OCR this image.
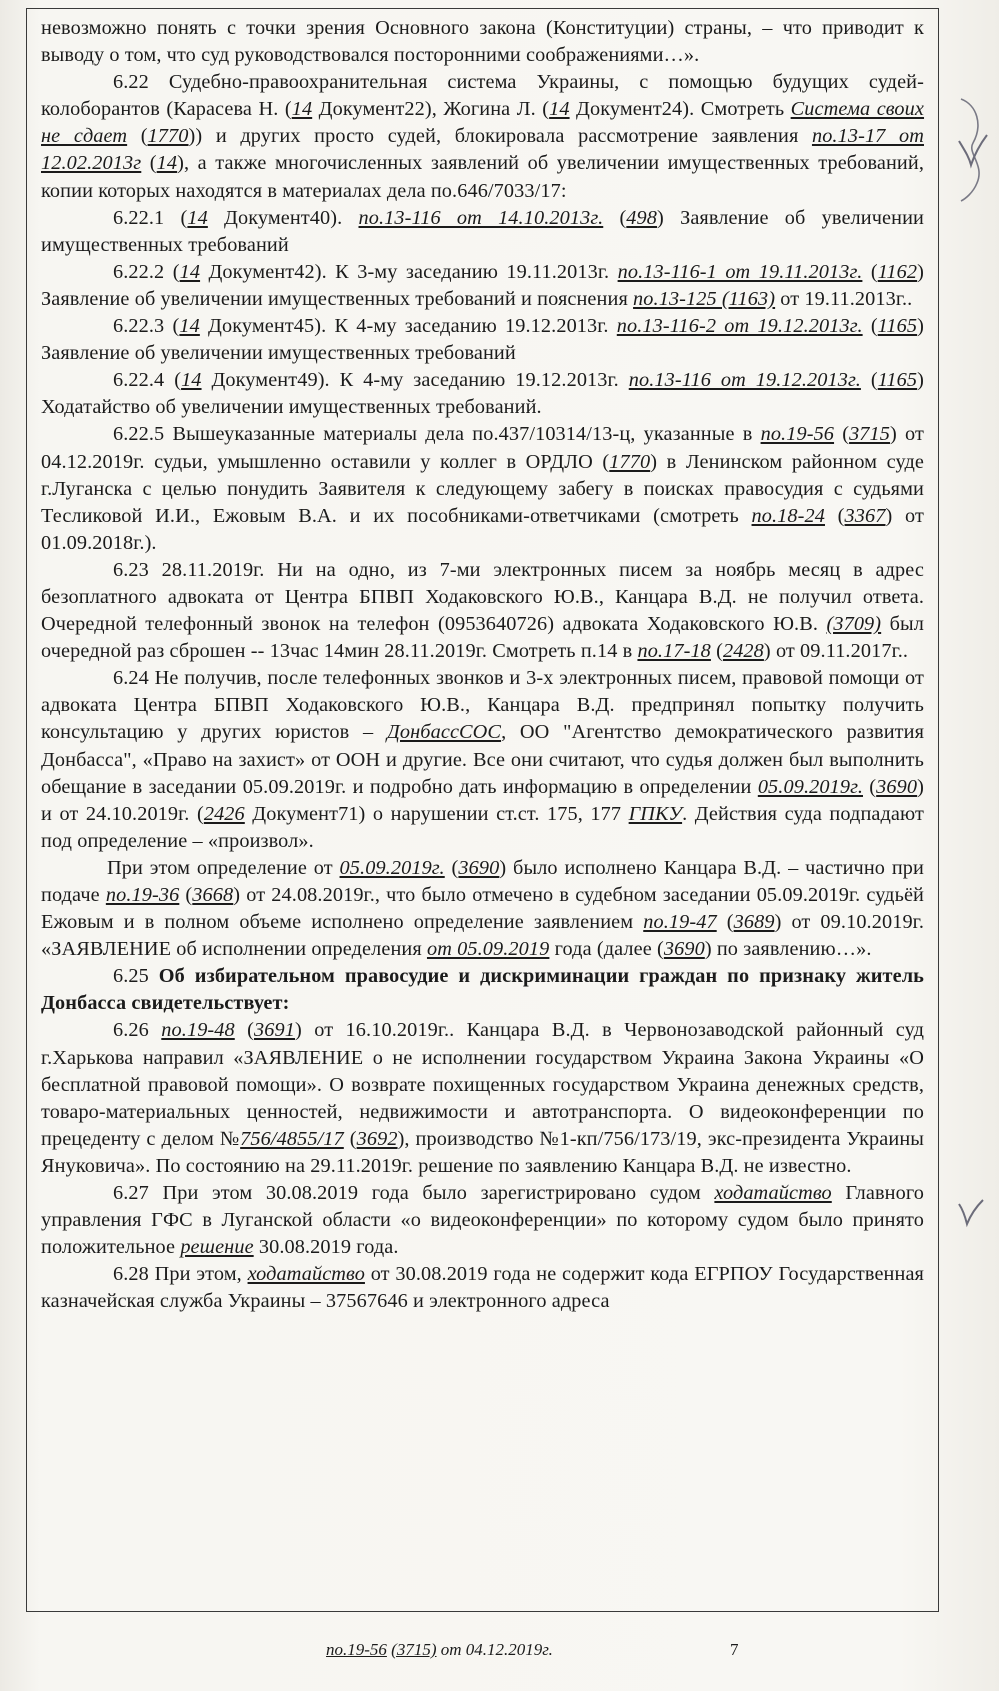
невозможно понять с точки зрения Основного закона (Конституции) страны, – что приводит к выводу о том, что суд руководствовался посторонними соображениями…».

6.22 Судебно-правоохранительная система Украины, с помощью будущих судей-колоборантов (Карасева Н. (14 Документ22), Жогина Л. (14 Документ24). Смотреть Система своих не сдает (1770)) и других просто судей, блокировала рассмотрение заявления по.13-17 от 12.02.2013г (14), а также многочисленных заявлений об увеличении имущественных требований, копии которых находятся в материалах дела по.646/7033/17:

6.22.1 (14 Документ40). по.13-116 от 14.10.2013г. (498) Заявление об увеличении имущественных требований

6.22.2 (14 Документ42). К 3-му заседанию 19.11.2013г. по.13-116-1 от 19.11.2013г. (1162) Заявление об увеличении имущественных требований и пояснения по.13-125 (1163) от 19.11.2013г..

6.22.3 (14 Документ45). К 4-му заседанию 19.12.2013г. по.13-116-2 от 19.12.2013г. (1165) Заявление об увеличении имущественных требований

6.22.4 (14 Документ49). К 4-му заседанию 19.12.2013г. по.13-116 от 19.12.2013г. (1165) Ходатайство об увеличении имущественных требований.

6.22.5 Вышеуказанные материалы дела по.437/10314/13-ц, указанные в по.19-56 (3715) от 04.12.2019г. судьи, умышленно оставили у коллег в ОРДЛО (1770) в Ленинском районном суде г.Луганска с целью понудить Заявителя к следующему забегу в поисках правосудия с судьями Тесликовой И.И., Ежовым В.А. и их пособниками-ответчиками (смотреть по.18-24 (3367) от 01.09.2018г.).

6.23 28.11.2019г. Ни на одно, из 7-ми электронных писем за ноябрь месяц в адрес безоплатного адвоката от Центра БПВП Ходаковского Ю.В., Канцара В.Д. не получил ответа. Очередной телефонный звонок на телефон (0953640726) адвоката Ходаковского Ю.В. (3709) был очередной раз сброшен -- 13час 14мин 28.11.2019г. Смотреть п.14 в по.17-18 (2428) от 09.11.2017г..

6.24 Не получив, после телефонных звонков и 3-х электронных писем, правовой помощи от адвоката Центра БПВП Ходаковского Ю.В., Канцара В.Д. предпринял попытку получить консультацию у других юристов – ДонбассСОС, ОО "Агентство демократического развития Донбасса", «Право на захист» от ООН и другие. Все они считают, что судья должен был выполнить обещание в заседании 05.09.2019г. и подробно дать информацию в определении 05.09.2019г. (3690) и от 24.10.2019г. (2426 Документ71) о нарушении ст.ст. 175, 177 ГПКУ. Действия суда подпадают под определение – «произвол».

При этом определение от 05.09.2019г. (3690) было исполнено Канцара В.Д. – частично при подаче по.19-36 (3668) от 24.08.2019г., что было отмечено в судебном заседании 05.09.2019г. судьёй Ежовым и в полном объеме исполнено определение заявлением по.19-47 (3689) от 09.10.2019г. «ЗАЯВЛЕНИЕ об исполнении определения от 05.09.2019 года (далее (3690) по заявлению…».

6.25 Об избирательном правосудие и дискриминации граждан по признаку житель Донбасса свидетельствует:

6.26 по.19-48 (3691) от 16.10.2019г.. Канцара В.Д. в Червонозаводской районный суд г.Харькова направил «ЗАЯВЛЕНИЕ о не исполнении государством Украина Закона Украины «О бесплатной правовой помощи». О возврате похищенных государством Украина денежных средств, товаро-материальных ценностей, недвижимости и автотранспорта. О видеоконференции по прецеденту с делом №756/4855/17 (3692), производство №1-кп/756/173/19, экс-президента Украины Януковича». По состоянию на 29.11.2019г. решение по заявлению Канцара В.Д. не известно.

6.27 При этом 30.08.2019 года было зарегистрировано судом ходатайство Главного управления ГФС в Луганской области «о видеоконференции» по которому судом было принято положительное решение 30.08.2019 года.

6.28 При этом, ходатайство от 30.08.2019 года не содержит кода ЕГРПОУ Государственная казначейская служба Украины – 37567646 и электронного адреса

по.19-56 (3715) от 04.12.2019г.	7
